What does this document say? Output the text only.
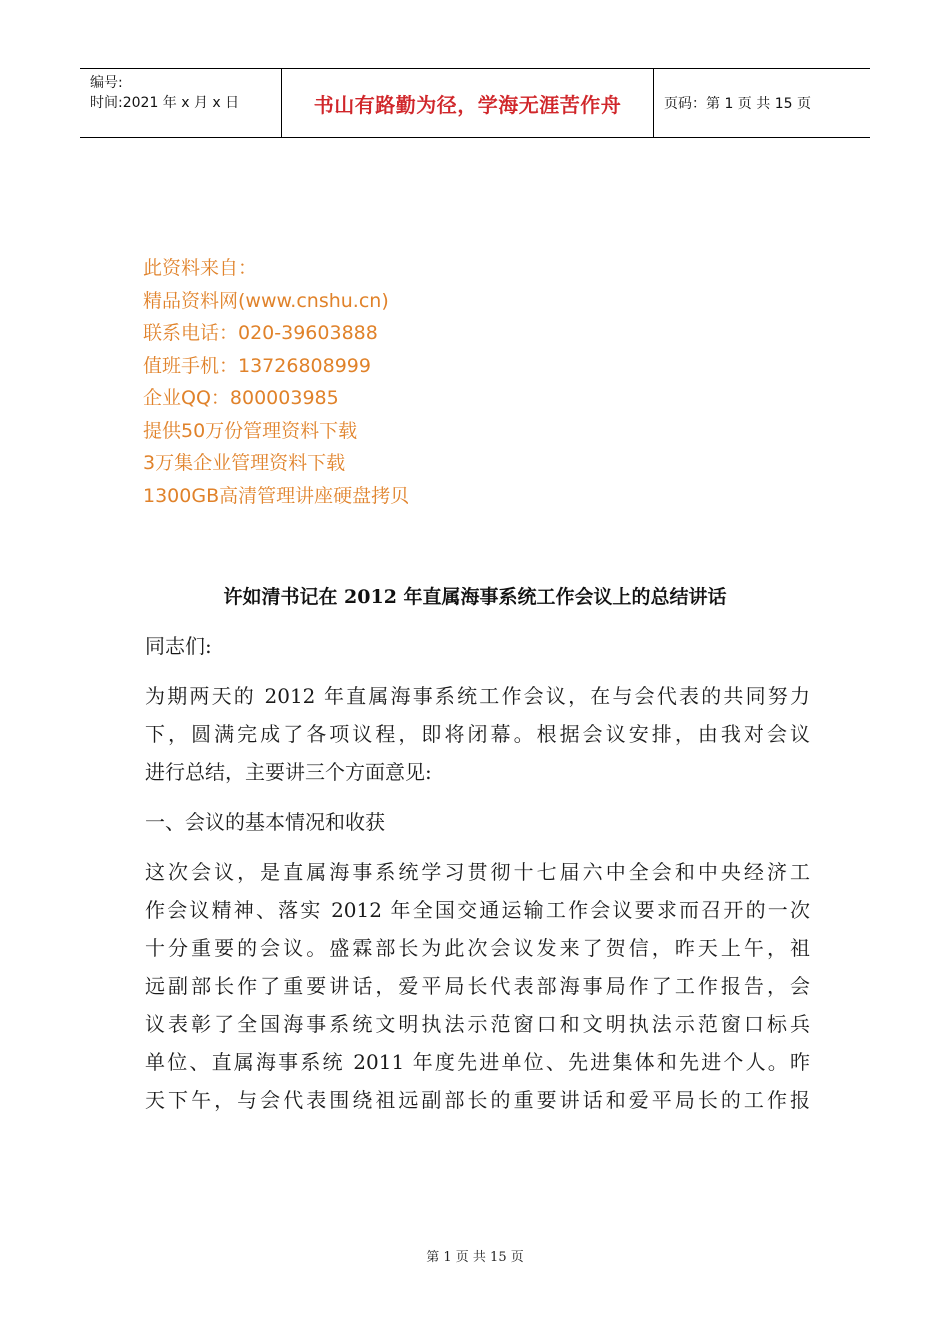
编号:
时间:2021 年 x 月 x 日	书山有路勤为径，学海无涯苦作舟	页码：第 1 页 共 15 页
此资料来自：
精品资料网(www.cnshu.cn)
联系电话：020-39603888
值班手机：13726808999
企业QQ：800003985
提供50万份管理资料下载
3万集企业管理资料下载
1300GB高清管理讲座硬盘拷贝
许如清书记在 2012 年直属海事系统工作会议上的总结讲话

同志们:

为期两天的 2012 年直属海事系统工作会议，在与会代表的共同努力
下，圆满完成了各项议程，即将闭幕。根据会议安排，由我对会议
进行总结，主要讲三个方面意见:

一、会议的基本情况和收获

这次会议，是直属海事系统学习贯彻十七届六中全会和中央经济工
作会议精神、落实 2012 年全国交通运输工作会议要求而召开的一次
十分重要的会议。盛霖部长为此次会议发来了贺信，昨天上午，祖
远副部长作了重要讲话，爱平局长代表部海事局作了工作报告，会
议表彰了全国海事系统文明执法示范窗口和文明执法示范窗口标兵
单位、直属海事系统 2011 年度先进单位、先进集体和先进个人。昨
天下午，与会代表围绕祖远副部长的重要讲话和爱平局长的工作报
第 1 页 共 15 页
